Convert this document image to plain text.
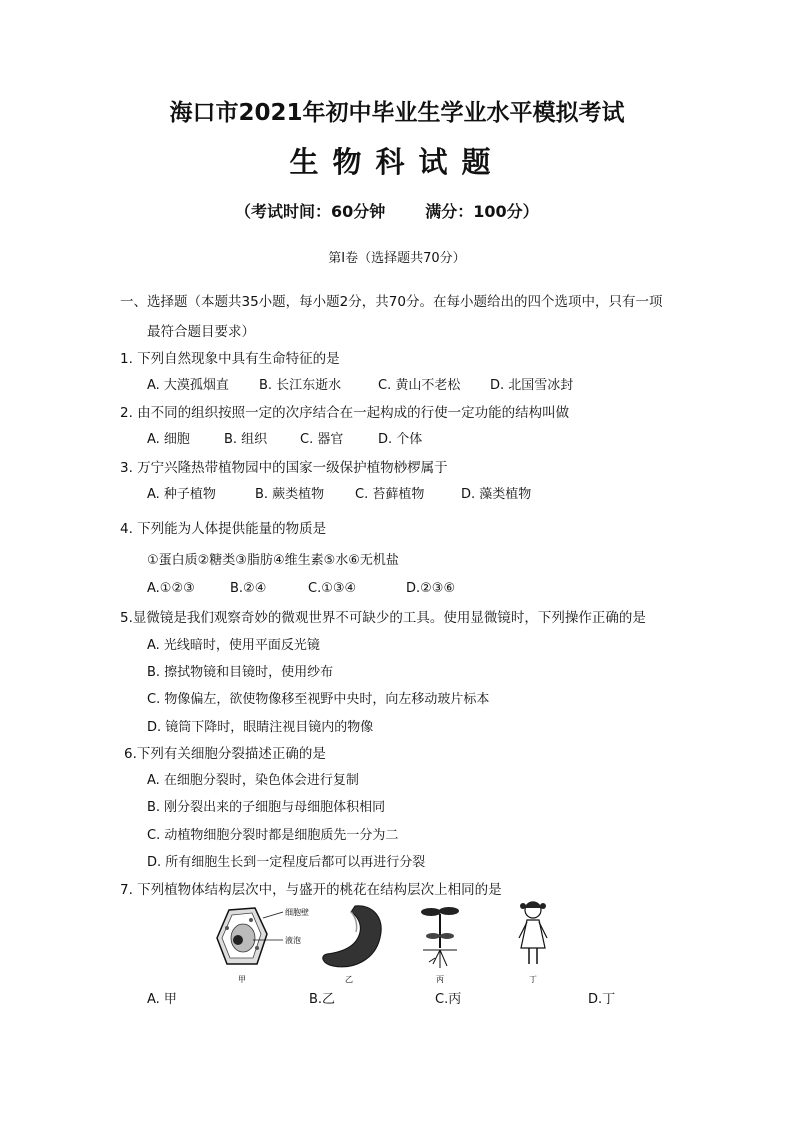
海口市2021年初中毕业生学业水平模拟考试
生物科试题
（考试时间：60分钟	满分：100分）
第Ⅰ卷（选择题共70分）
一、选择题（本题共35小题，每小题2分，共70分。在每小题给出的四个选项中，只有一项
最符合题目要求）
1. 下列自然现象中具有生命特征的是
A. 大漠孤烟直 B. 长江东逝水	C. 黄山不老松 D. 北国雪冰封
2. 由不同的组织按照一定的次序结合在一起构成的行使一定功能的结构叫做
A. 细胞	B. 组织	C. 器官	D. 个体
3. 万宁兴隆热带植物园中的国家一级保护植物桫椤属于
A. 种子植物	B. 蕨类植物 C. 苔藓植物	D. 藻类植物
4. 下列能为人体提供能量的物质是
①蛋白质②糖类③脂肪④维生素⑤水⑥无机盐
A.①②③	B.②④	C.①③④	D.②③⑥
5.显微镜是我们观察奇妙的微观世界不可缺少的工具。使用显微镜时，下列操作正确的是
A. 光线暗时，使用平面反光镜
B. 擦拭物镜和目镜时，使用纱布
C. 物像偏左，欲使物像移至视野中央时，向左移动玻片标本
D. 镜筒下降时，眼睛注视目镜内的物像
6.下列有关细胞分裂描述正确的是
A. 在细胞分裂时，染色体会进行复制
B. 刚分裂出来的子细胞与母细胞体积相同
C. 动植物细胞分裂时都是细胞质先一分为二
D. 所有细胞生长到一定程度后都可以再进行分裂
7. 下列植物体结构层次中，与盛开的桃花在结构层次上相同的是
细胞壁
液泡
甲	乙	丙	丁
A. 甲	B.乙	C.丙	D.丁
